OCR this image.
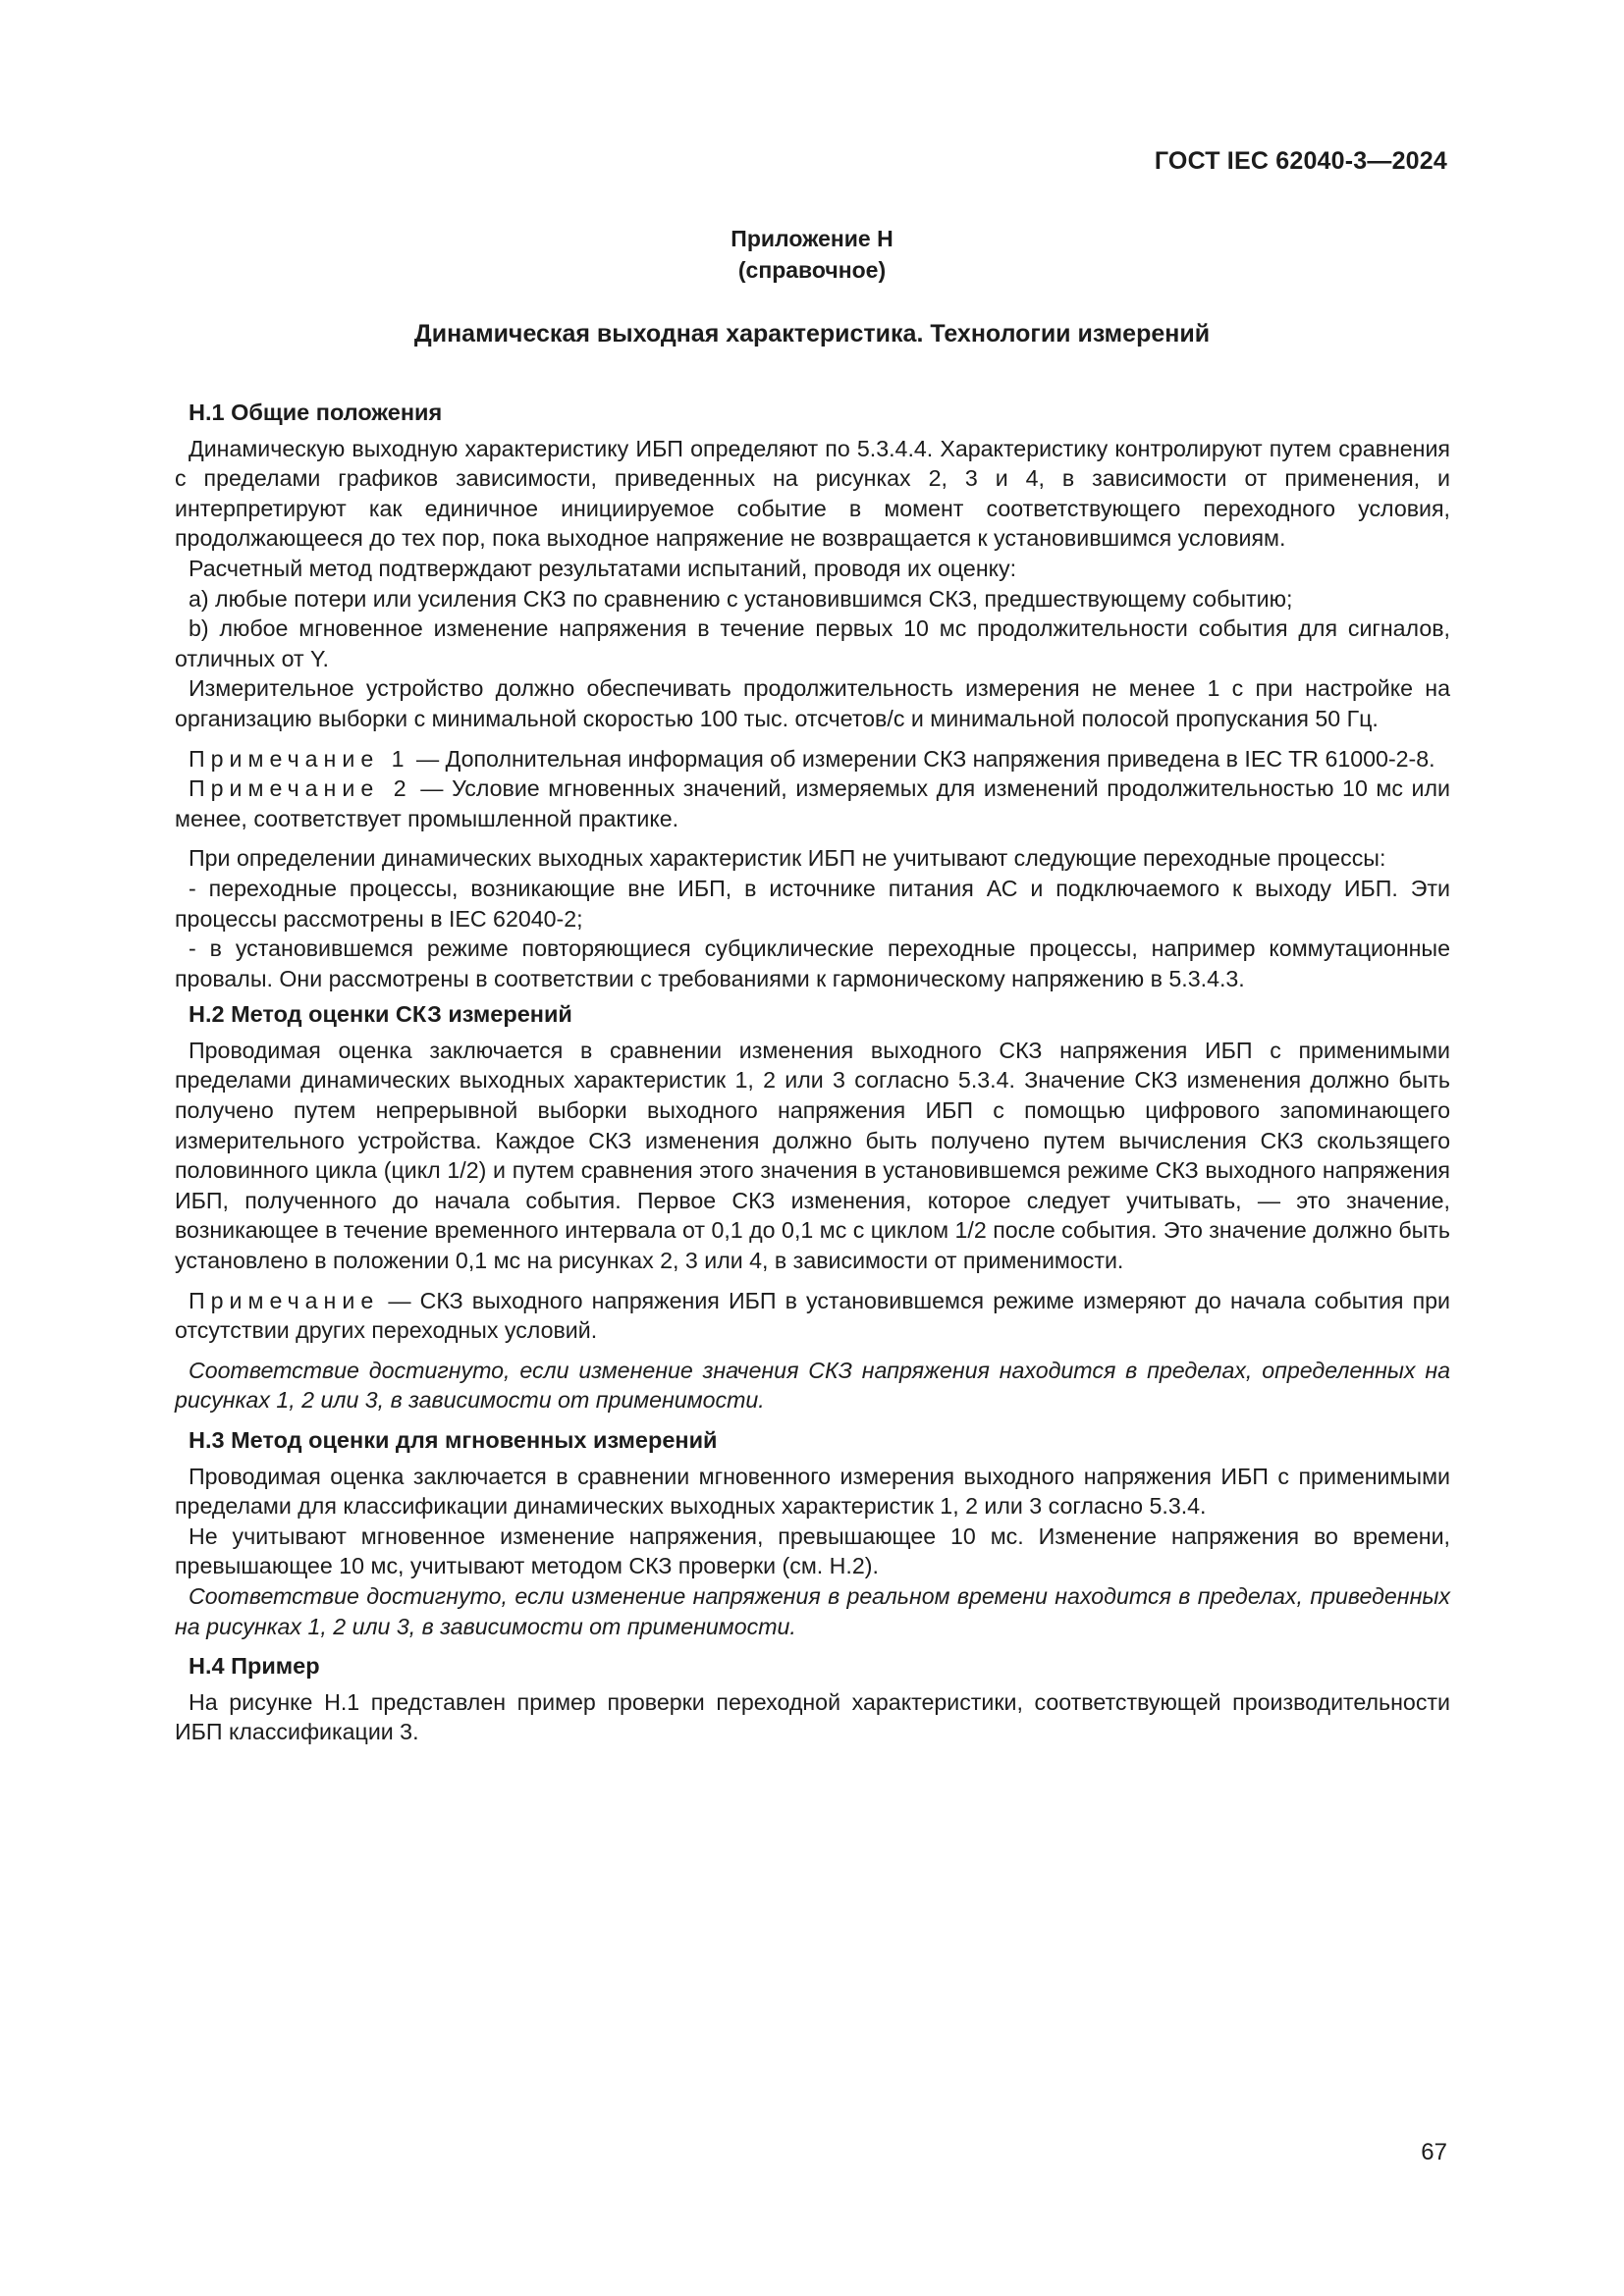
ГОСТ IEC 62040-3—2024
Приложение Н
(справочное)
Динамическая выходная характеристика. Технологии измерений

Н.1 Общие положения

Динамическую выходную характеристику ИБП определяют по 5.3.4.4. Характеристику контролируют путем сравнения с пределами графиков зависимости, приведенных на рисунках 2, 3 и 4, в зависимости от применения, и интерпретируют как единичное инициируемое событие в момент соответствующего переходного условия, продолжающееся до тех пор, пока выходное напряжение не возвращается к установившимся условиям.

Расчетный метод подтверждают результатами испытаний, проводя их оценку:

a) любые потери или усиления СКЗ по сравнению с установившимся СКЗ, предшествующему событию;

b) любое мгновенное изменение напряжения в течение первых 10 мс продолжительности события для сигналов, отличных от Y.

Измерительное устройство должно обеспечивать продолжительность измерения не менее 1 с при настройке на организацию выборки с минимальной скоростью 100 тыс. отсчетов/с и минимальной полосой пропускания 50 Гц.

Примечание 1 — Дополнительная информация об измерении СКЗ напряжения приведена в IEC TR 61000-2-8.

Примечание 2 — Условие мгновенных значений, измеряемых для изменений продолжительностью 10 мс или менее, соответствует промышленной практике.

При определении динамических выходных характеристик ИБП не учитывают следующие переходные процессы:

- переходные процессы, возникающие вне ИБП, в источнике питания АС и подключаемого к выходу ИБП. Эти процессы рассмотрены в IEC 62040-2;

- в установившемся режиме повторяющиеся субциклические переходные процессы, например коммутационные провалы. Они рассмотрены в соответствии с требованиями к гармоническому напряжению в 5.3.4.3.

Н.2 Метод оценки СКЗ измерений

Проводимая оценка заключается в сравнении изменения выходного СКЗ напряжения ИБП с применимыми пределами динамических выходных характеристик 1, 2 или 3 согласно 5.3.4. Значение СКЗ изменения должно быть получено путем непрерывной выборки выходного напряжения ИБП с помощью цифрового запоминающего измерительного устройства. Каждое СКЗ изменения должно быть получено путем вычисления СКЗ скользящего половинного цикла (цикл 1/2) и путем сравнения этого значения в установившемся режиме СКЗ выходного напряжения ИБП, полученного до начала события. Первое СКЗ изменения, которое следует учитывать, — это значение, возникающее в течение временного интервала от 0,1 до 0,1 мс с циклом 1/2 после события. Это значение должно быть установлено в положении 0,1 мс на рисунках 2, 3 или 4, в зависимости от применимости.

Примечание — СКЗ выходного напряжения ИБП в установившемся режиме измеряют до начала события при отсутствии других переходных условий.

Соответствие достигнуто, если изменение значения СКЗ напряжения находится в пределах, определенных на рисунках 1, 2 или 3, в зависимости от применимости.

Н.3 Метод оценки для мгновенных измерений

Проводимая оценка заключается в сравнении мгновенного измерения выходного напряжения ИБП с применимыми пределами для классификации динамических выходных характеристик 1, 2 или 3 согласно 5.3.4.

Не учитывают мгновенное изменение напряжения, превышающее 10 мс. Изменение напряжения во времени, превышающее 10 мс, учитывают методом СКЗ проверки (см. Н.2).

Соответствие достигнуто, если изменение напряжения в реальном времени находится в пределах, приведенных на рисунках 1, 2 или 3, в зависимости от применимости.

Н.4 Пример

На рисунке Н.1 представлен пример проверки переходной характеристики, соответствующей производительности ИБП классификации 3.

67
